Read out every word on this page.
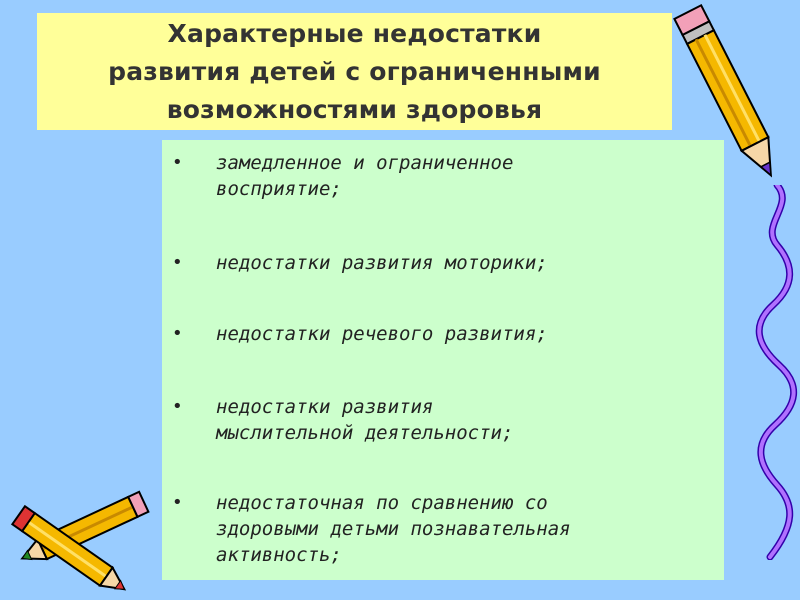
Характерные недостатки
развития детей с ограниченными
возможностями здоровья
• замедленное и ограниченное
восприятие;
• недостатки развития моторики;
• недостатки речевого развития;
• недостатки развития
мыслительной деятельности;
• недостаточная по сравнению со
здоровыми детьми познавательная
активность;
